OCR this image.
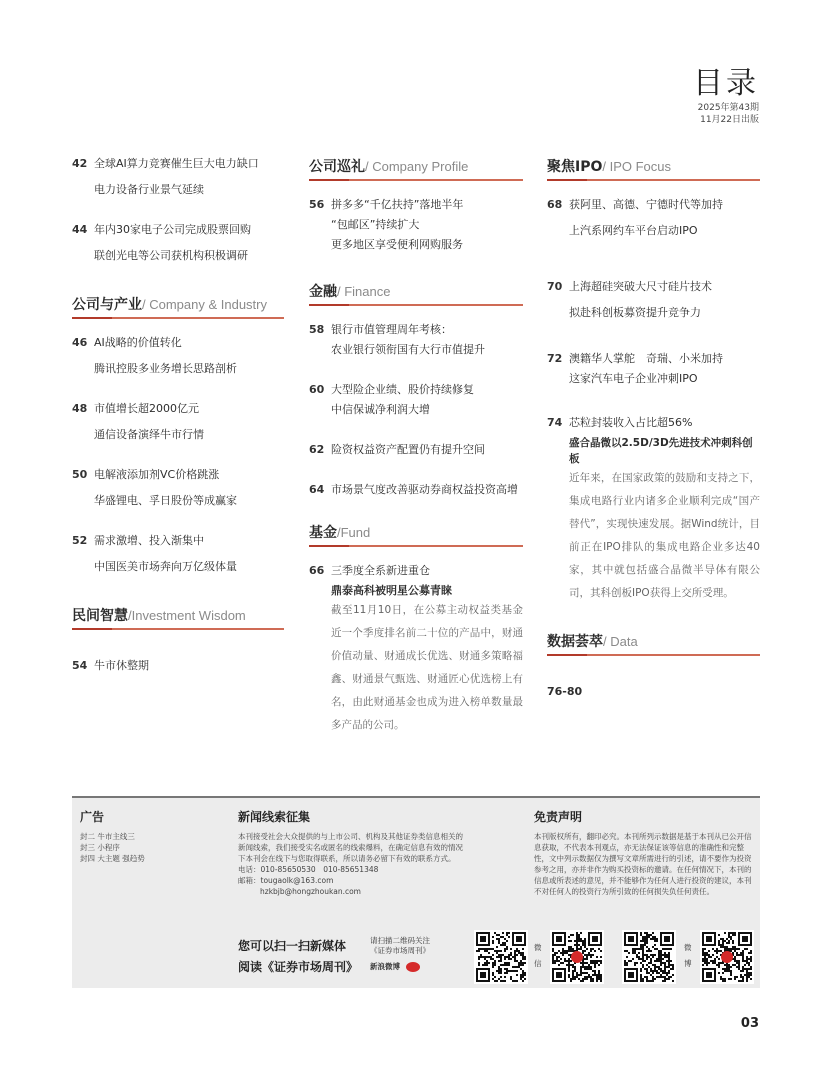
目录
2025年第43期
11月22日出版
42 全球AI算力竞赛催生巨大电力缺口
电力设备行业景气延续
44 年内30家电子公司完成股票回购
联创光电等公司获机构积极调研
公司与产业/ Company & Industry
46 AI战略的价值转化
腾讯控股多业务增长思路剖析
48 市值增长超2000亿元
通信设备演绎牛市行情
50 电解液添加剂VC价格跳涨
华盛锂电、孚日股份等成赢家
52 需求激增、投入渐集中
中国医美市场奔向万亿级体量
民间智慧/Investment Wisdom
54 牛市休整期
公司巡礼/ Company Profile
56 拼多多“千亿扶持”落地半年
“包邮区”持续扩大
更多地区享受便利网购服务
金融/ Finance
58 银行市值管理周年考核：
农业银行领衔国有大行市值提升
60 大型险企业绩、股价持续修复
中信保诚净利润大增
62 险资权益资产配置仍有提升空间
64 市场景气度改善驱动券商权益投资高增
基金/Fund
66 三季度全系新进重仓
鼎泰高科被明星公募青睐
截至11月10日，在公募主动权益类基金近一个季度排名前二十位的产品中，财通价值动量、财通成长优选、财通多策略福鑫、财通景气甄选、财通匠心优选榜上有名，由此财通基金也成为进入榜单数量最多产品的公司。
聚焦IPO/ IPO Focus
68 获阿里、高德、宁德时代等加持
上汽系网约车平台启动IPO
70 上海超硅突破大尺寸硅片技术
拟赴科创板募资提升竞争力
72 澳籍华人掌舵　奇瑞、小米加持
这家汽车电子企业冲刺IPO
74 芯粒封装收入占比超56%
盛合晶微以2.5D/3D先进技术冲刺科创板
近年来，在国家政策的鼓励和支持之下，集成电路行业内诸多企业顺利完成“国产替代”，实现快速发展。据Wind统计，目前正在IPO排队的集成电路企业多达40家，其中就包括盛合晶微半导体有限公司，其科创板IPO获得上交所受理。
数据荟萃/ Data
76-80
广告

封二 牛市主线三

封三 小程序

封四 大主题 强趋势

新闻线索征集

本刊接受社会大众提供的与上市公司、机构及其他证券类信息相关的新闻线索，我们接受实名或匿名的线索爆料，在确定信息有效的情况下本刊会在线下与您取得联系，所以请务必留下有效的联系方式。

电话：010-85650530　010-85651348

邮箱：tougaolk@163.com

hzkbjb@hongzhoukan.com

免责声明

本刊版权所有，翻印必究。本刊所列示数据是基于本刊从已公开信息获取，不代表本刊观点，亦无法保证该等信息的准确性和完整性，文中列示数据仅为撰写文章所需进行的引述，请不要作为投资参考之用，亦并非作为购买投资标的邀请。在任何情况下，本刊的信息或所表述的意见，并不能够作为任何人进行投资的建议，本刊不对任何人的投资行为所引致的任何损失负任何责任。

您可以扫一扫新媒体
阅读《证券市场周刊》
请扫描二维码关注
《证券市场周刊》
新浪微博
微信
微博
03
